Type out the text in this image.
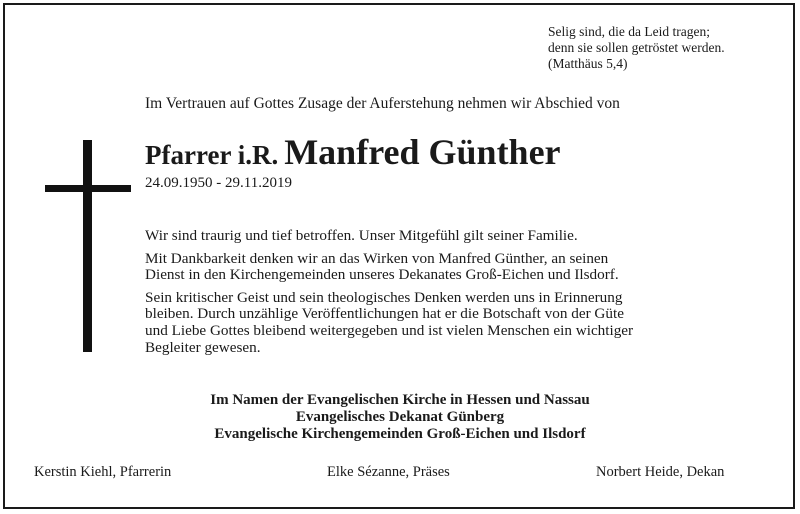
Selig sind, die da Leid tragen;
denn sie sollen getröstet werden.
(Matthäus 5,4)
Im Vertrauen auf Gottes Zusage der Auferstehung nehmen wir Abschied von
Pfarrer i.R. Manfred Günther
24.09.1950 - 29.11.2019

Wir sind traurig und tief betroffen. Unser Mitgefühl gilt seiner Familie.

Mit Dankbarkeit denken wir an das Wirken von Manfred Günther, an seinen
Dienst in den Kirchengemeinden unseres Dekanates Groß-Eichen und Ilsdorf.

Sein kritischer Geist und sein theologisches Denken werden uns in Erinnerung
bleiben. Durch unzählige Veröffentlichungen hat er die Botschaft von der Güte
und Liebe Gottes bleibend weitergegeben und ist vielen Menschen ein wichtiger
Begleiter gewesen.

Im Namen der Evangelischen Kirche in Hessen und Nassau
Evangelisches Dekanat Günberg
Evangelische Kirchengemeinden Groß-Eichen und Ilsdorf
Kerstin Kiehl, Pfarrerin	Elke Sézanne, Präses	Norbert Heide, Dekan
